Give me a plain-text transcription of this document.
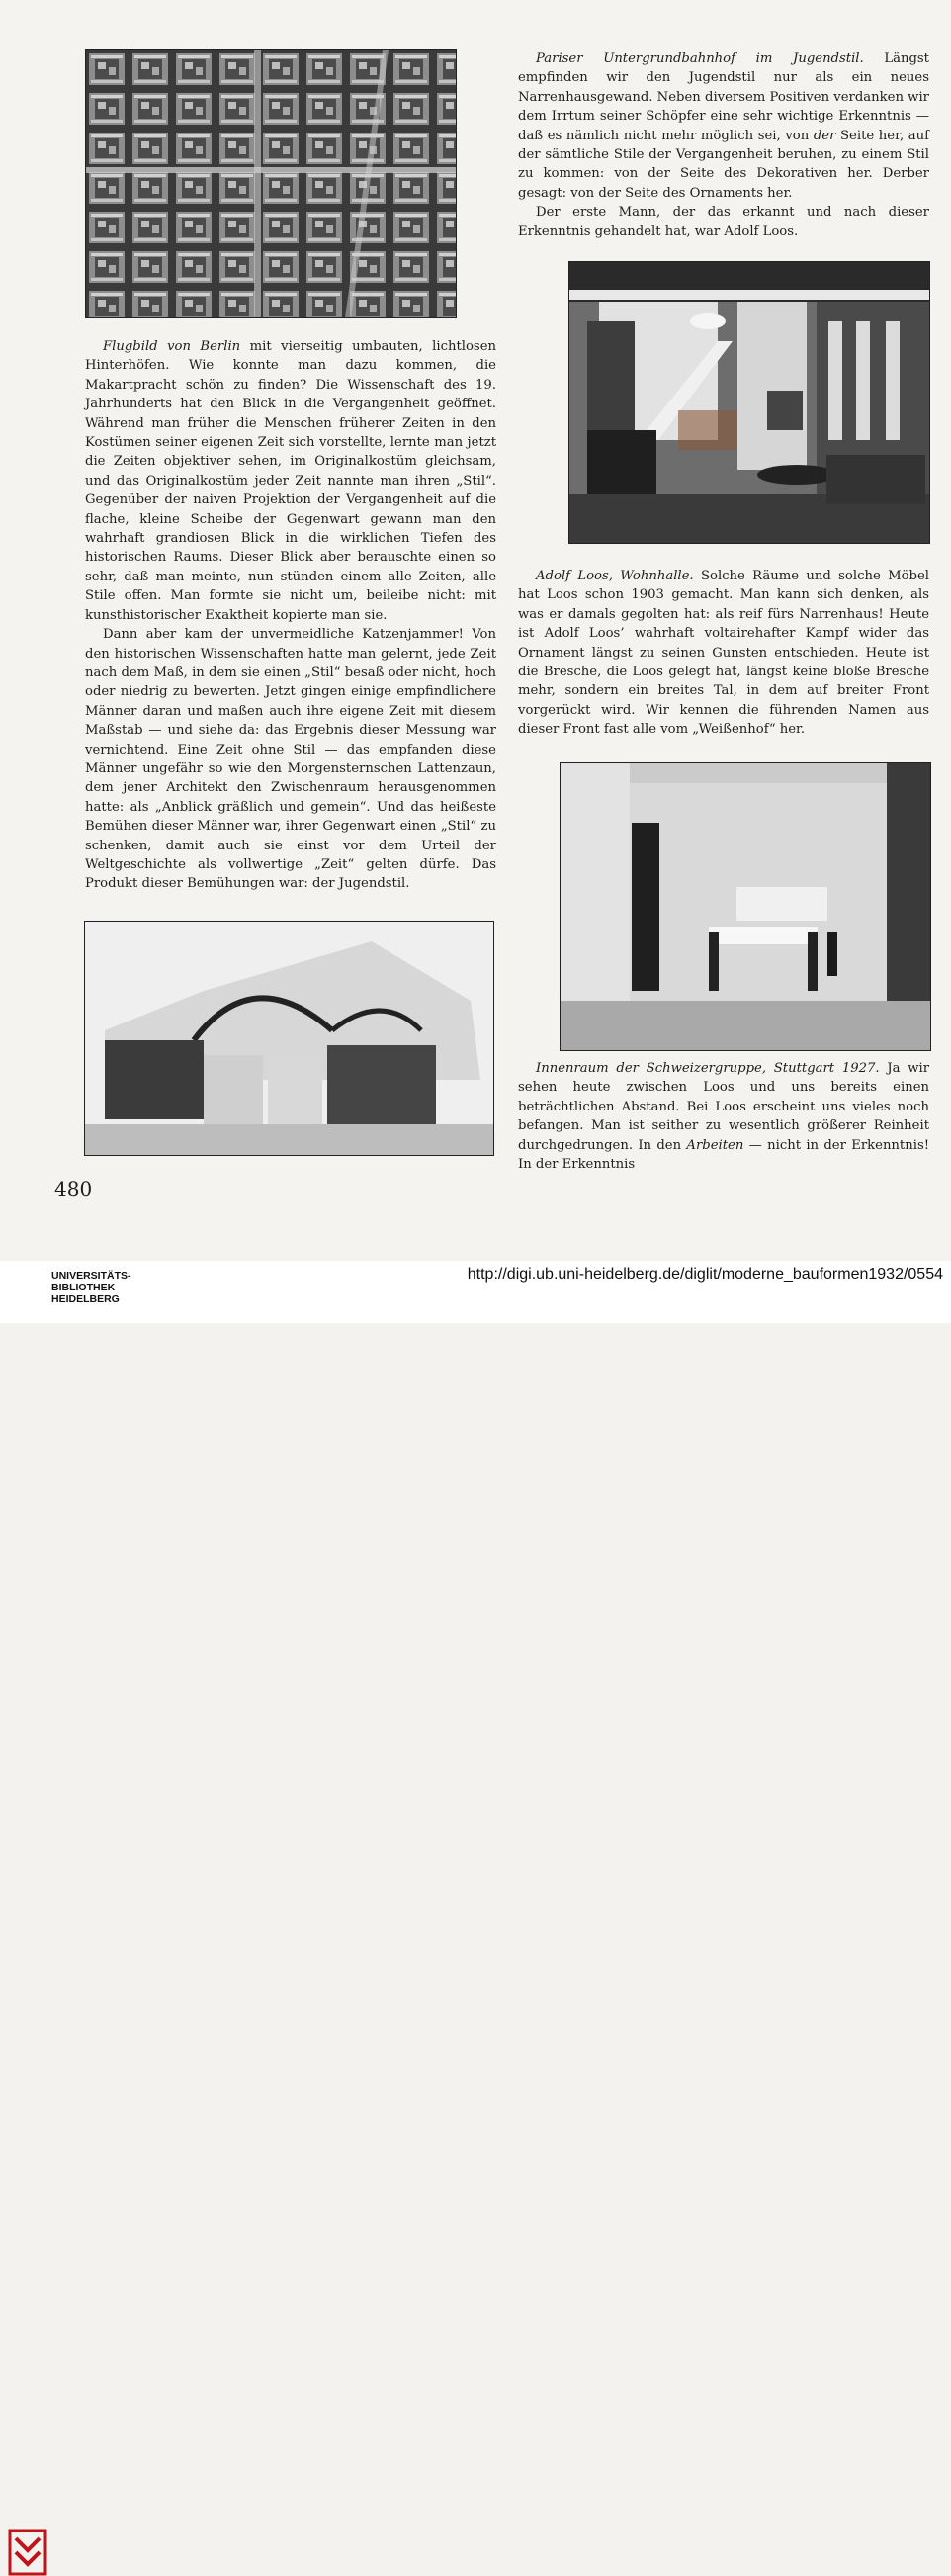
Flugbild von Berlin mit vierseitig umbauten, lichtlosen Hinterhöfen. Wie konnte man dazu kommen, die Makartpracht schön zu finden? Die Wissenschaft des 19. Jahrhunderts hat den Blick in die Vergangenheit geöffnet. Während man früher die Menschen früherer Zeiten in den Kostümen seiner eigenen Zeit sich vorstellte, lernte man jetzt die Zeiten objektiver sehen, im Originalkostüm gleichsam, und das Originalkostüm jeder Zeit nannte man ihren „Stil“. Gegenüber der naiven Projektion der Vergangenheit auf die flache, kleine Scheibe der Gegenwart gewann man den wahrhaft grandiosen Blick in die wirklichen Tiefen des historischen Raums. Dieser Blick aber berauschte einen so sehr, daß man meinte, nun stünden einem alle Zeiten, alle Stile offen. Man formte sie nicht um, beileibe nicht: mit kunsthistorischer Exaktheit kopierte man sie.

Dann aber kam der unvermeidliche Katzenjammer! Von den historischen Wissenschaften hatte man gelernt, jede Zeit nach dem Maß, in dem sie einen „Stil“ besaß oder nicht, hoch oder niedrig zu bewerten. Jetzt gingen einige empfindlichere Männer daran und maßen auch ihre eigene Zeit mit diesem Maßstab — und siehe da: das Ergebnis dieser Messung war vernichtend. Eine Zeit ohne Stil — das empfanden diese Männer ungefähr so wie den Morgensternschen Lattenzaun, dem jener Architekt den Zwischenraum herausgenommen hatte: als „Anblick gräßlich und gemein“. Und das heißeste Bemühen dieser Männer war, ihrer Gegenwart einen „Stil“ zu schenken, damit auch sie einst vor dem Urteil der Weltgeschichte als vollwertige „Zeit“ gelten dürfe. Das Produkt dieser Bemühungen war: der Jugendstil.

Pariser Untergrundbahnhof im Jugendstil. Längst empfinden wir den Jugendstil nur als ein neues Narrenhausgewand. Neben diversem Positiven verdanken wir dem Irrtum seiner Schöpfer eine sehr wichtige Erkenntnis — daß es nämlich nicht mehr möglich sei, von der Seite her, auf der sämtliche Stile der Vergangenheit beruhen, zu einem Stil zu kommen: von der Seite des Dekorativen her. Derber gesagt: von der Seite des Ornaments her.

Der erste Mann, der das erkannt und nach dieser Erkenntnis gehandelt hat, war Adolf Loos.

Adolf Loos, Wohnhalle. Solche Räume und solche Möbel hat Loos schon 1903 gemacht. Man kann sich denken, als was er damals gegolten hat: als reif fürs Narrenhaus! Heute ist Adolf Loos’ wahrhaft voltairehafter Kampf wider das Ornament längst zu seinen Gunsten entschieden. Heute ist die Bresche, die Loos gelegt hat, längst keine bloße Bresche mehr, sondern ein breites Tal, in dem auf breiter Front vorgerückt wird. Wir kennen die führenden Namen aus dieser Front fast alle vom „Weißenhof“ her.

Innenraum der Schweizergruppe, Stuttgart 1927. Ja wir sehen heute zwischen Loos und uns bereits einen beträchtlichen Abstand. Bei Loos erscheint uns vieles noch befangen. Man ist seither zu wesentlich größerer Reinheit durchgedrungen. In den Arbeiten — nicht in der Erkenntnis! In der Erkenntnis

480
UNIVERSITÄTS-
BIBLIOTHEK
HEIDELBERG
http://digi.ub.uni-heidelberg.de/diglit/moderne_bauformen1932/0554
